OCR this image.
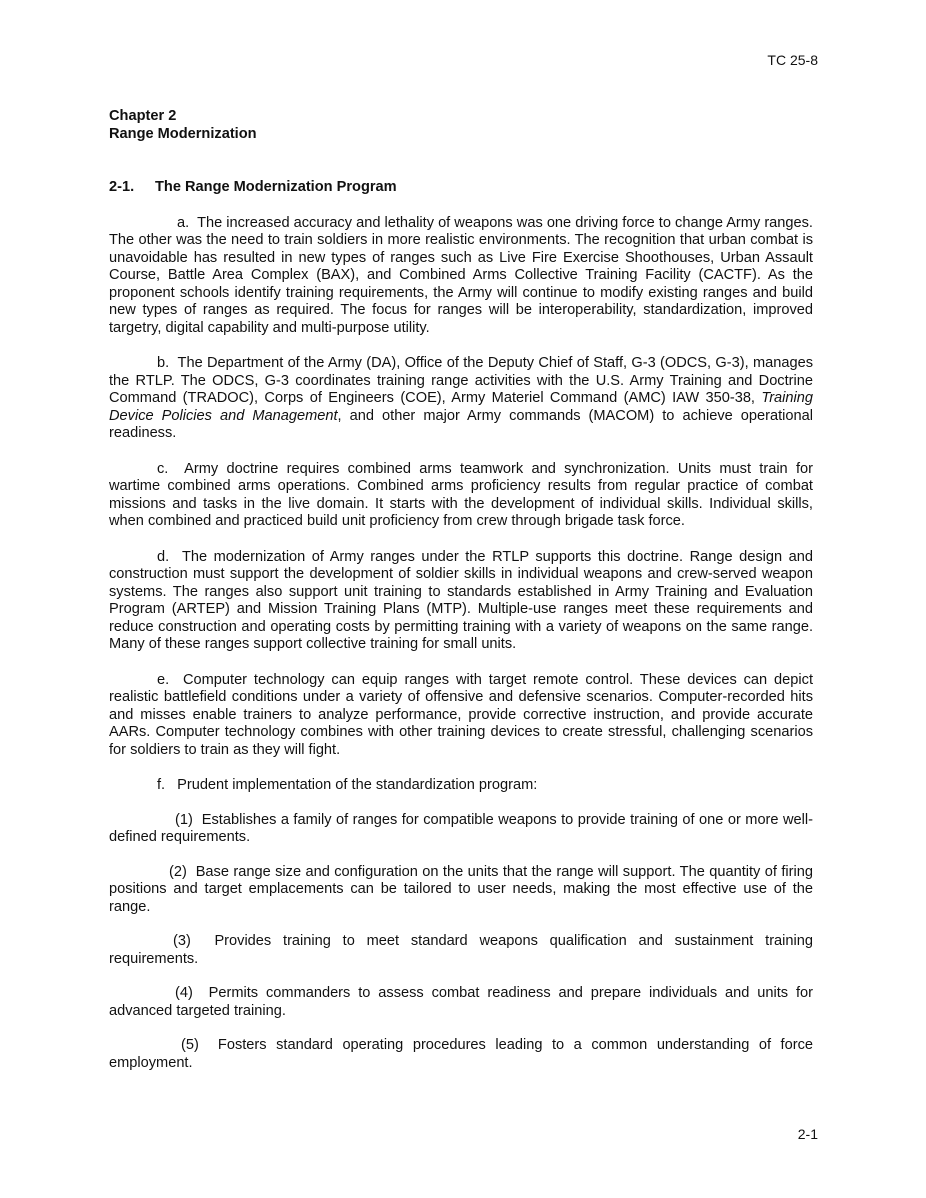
TC 25-8

Chapter 2

Range Modernization

2-1. The Range Modernization Program

a. The increased accuracy and lethality of weapons was one driving force to change Army ranges. The other was the need to train soldiers in more realistic environments. The recognition that urban combat is unavoidable has resulted in new types of ranges such as Live Fire Exercise Shoothouses, Urban Assault Course, Battle Area Complex (BAX), and Combined Arms Collective Training Facility (CACTF). As the proponent schools identify training requirements, the Army will continue to modify existing ranges and build new types of ranges as required. The focus for ranges will be interoperability, standardization, improved targetry, digital capability and multi-purpose utility.

b. The Department of the Army (DA), Office of the Deputy Chief of Staff, G-3 (ODCS, G-3), manages the RTLP. The ODCS, G-3 coordinates training range activities with the U.S. Army Training and Doctrine Command (TRADOC), Corps of Engineers (COE), Army Materiel Command (AMC) IAW 350-38, Training Device Policies and Management, and other major Army commands (MACOM) to achieve operational readiness.

c. Army doctrine requires combined arms teamwork and synchronization. Units must train for wartime combined arms operations. Combined arms proficiency results from regular practice of combat missions and tasks in the live domain. It starts with the development of individual skills. Individual skills, when combined and practiced build unit proficiency from crew through brigade task force.

d. The modernization of Army ranges under the RTLP supports this doctrine. Range design and construction must support the development of soldier skills in individual weapons and crew-served weapon systems. The ranges also support unit training to standards established in Army Training and Evaluation Program (ARTEP) and Mission Training Plans (MTP). Multiple-use ranges meet these requirements and reduce construction and operating costs by permitting training with a variety of weapons on the same range. Many of these ranges support collective training for small units.

e. Computer technology can equip ranges with target remote control. These devices can depict realistic battlefield conditions under a variety of offensive and defensive scenarios. Computer-recorded hits and misses enable trainers to analyze performance, provide corrective instruction, and provide accurate AARs. Computer technology combines with other training devices to create stressful, challenging scenarios for soldiers to train as they will fight.

f. Prudent implementation of the standardization program:

(1) Establishes a family of ranges for compatible weapons to provide training of one or more well-defined requirements.

(2) Base range size and configuration on the units that the range will support. The quantity of firing positions and target emplacements can be tailored to user needs, making the most effective use of the range.

(3) Provides training to meet standard weapons qualification and sustainment training requirements.

(4) Permits commanders to assess combat readiness and prepare individuals and units for advanced targeted training.

(5) Fosters standard operating procedures leading to a common understanding of force employment.

2-1
